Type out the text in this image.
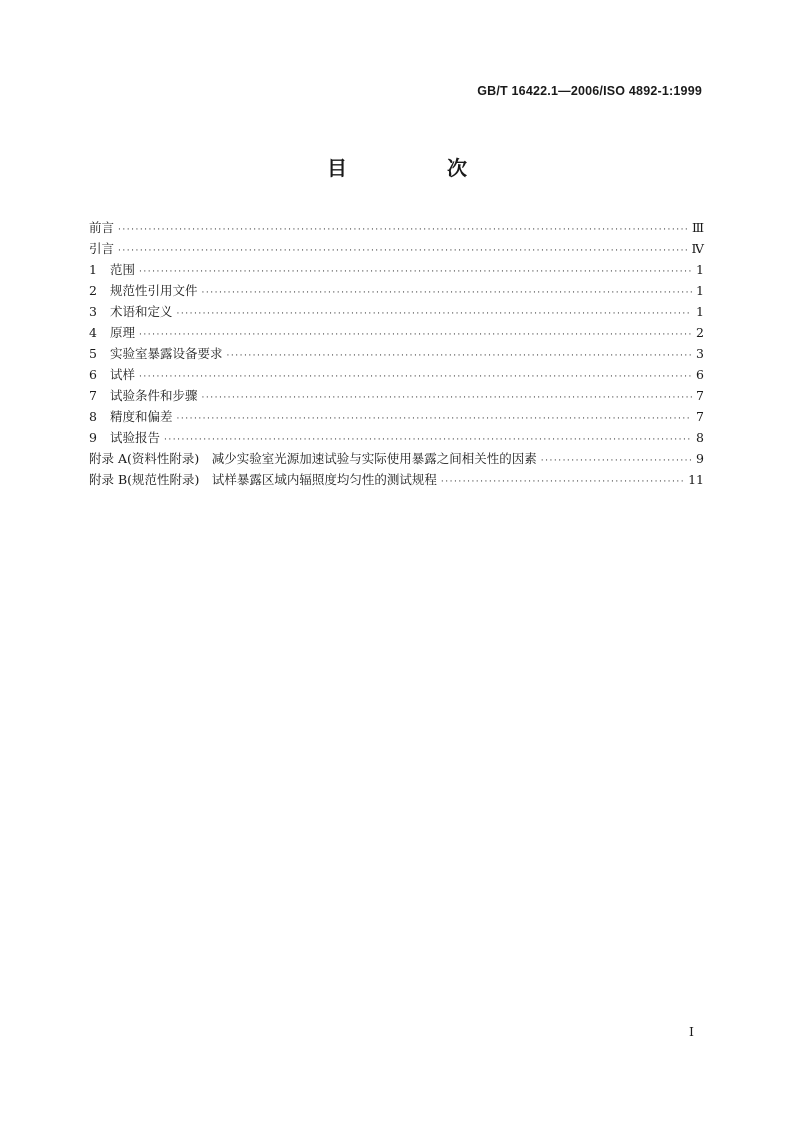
GB/T 16422.1—2006/ISO 4892-1:1999
目　次
前言 ·····	Ⅲ
引言 ·····	Ⅳ
1 范围 ·····	1
2 规范性引用文件 ·····	1
3 术语和定义 ·····	1
4 原理 ·····	2
5 实验室暴露设备要求 ·····	3
6 试样 ·····	6
7 试验条件和步骤 ·····	7
8 精度和偏差 ·····	7
9 试验报告 ·····	8
附录 A(资料性附录)　减少实验室光源加速试验与实际使用暴露之间相关性的因素 ·····	9
附录 B(规范性附录)　试样暴露区域内辐照度均匀性的测试规程 ·····	11
I
